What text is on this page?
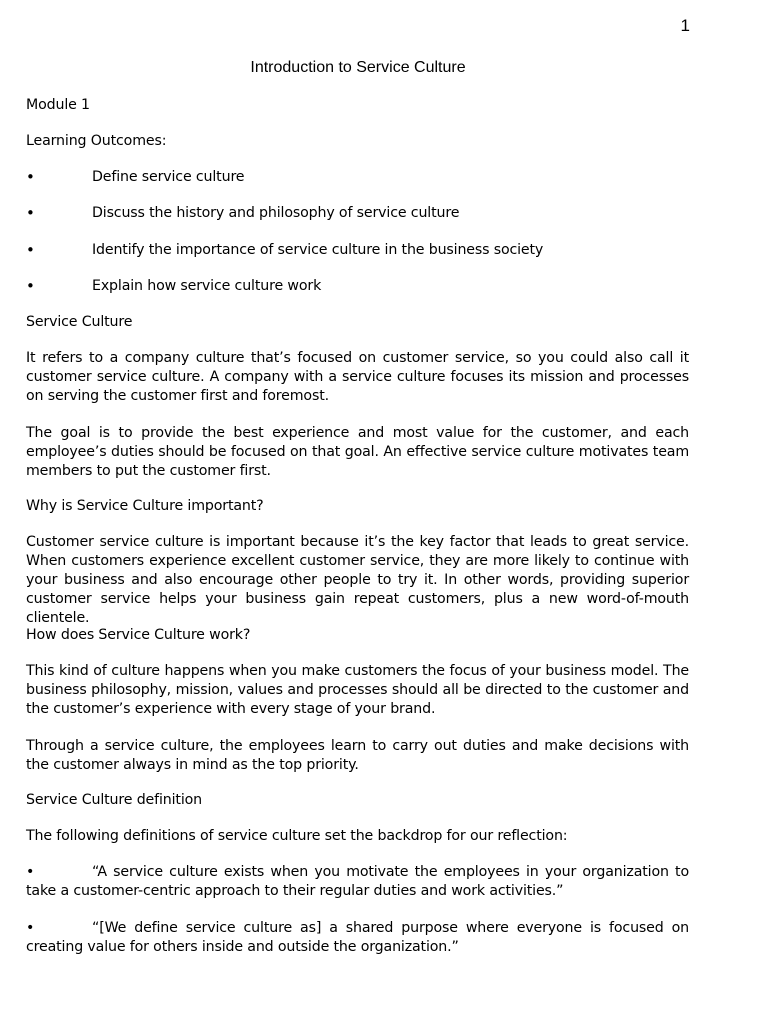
1
Introduction to Service Culture
Module 1
Learning Outcomes:
•	Define service culture
•	Discuss the history and philosophy of service culture
•	Identify the importance of service culture in the business society
•	Explain how service culture work
Service Culture
It refers to a company culture that’s focused on customer service, so you could also call it customer service culture. A company with a service culture focuses its mission and processes on serving the customer first and foremost.
The goal is to provide the best experience and most value for the customer, and each employee’s duties should be focused on that goal. An effective service culture motivates team members to put the customer first.
Why is Service Culture important?
Customer service culture is important because it’s the key factor that leads to great service. When customers experience excellent customer service, they are more likely to continue with your business and also encourage other people to try it. In other words, providing superior customer service helps your business gain repeat customers, plus a new word-of-mouth clientele.
How does Service Culture work?
This kind of culture happens when you make customers the focus of your business model. The business philosophy, mission, values and processes should all be directed to the customer and the customer’s experience with every stage of your brand.
Through a service culture, the employees learn to carry out duties and make decisions with the customer always in mind as the top priority.
Service Culture definition
The following definitions of service culture set the backdrop for our reflection:
•	“A service culture exists when you motivate the employees in your organization to take a customer-centric approach to their regular duties and work activities.”
•	“[We define service culture as] a shared purpose where everyone is focused on creating value for others inside and outside the organization.”
